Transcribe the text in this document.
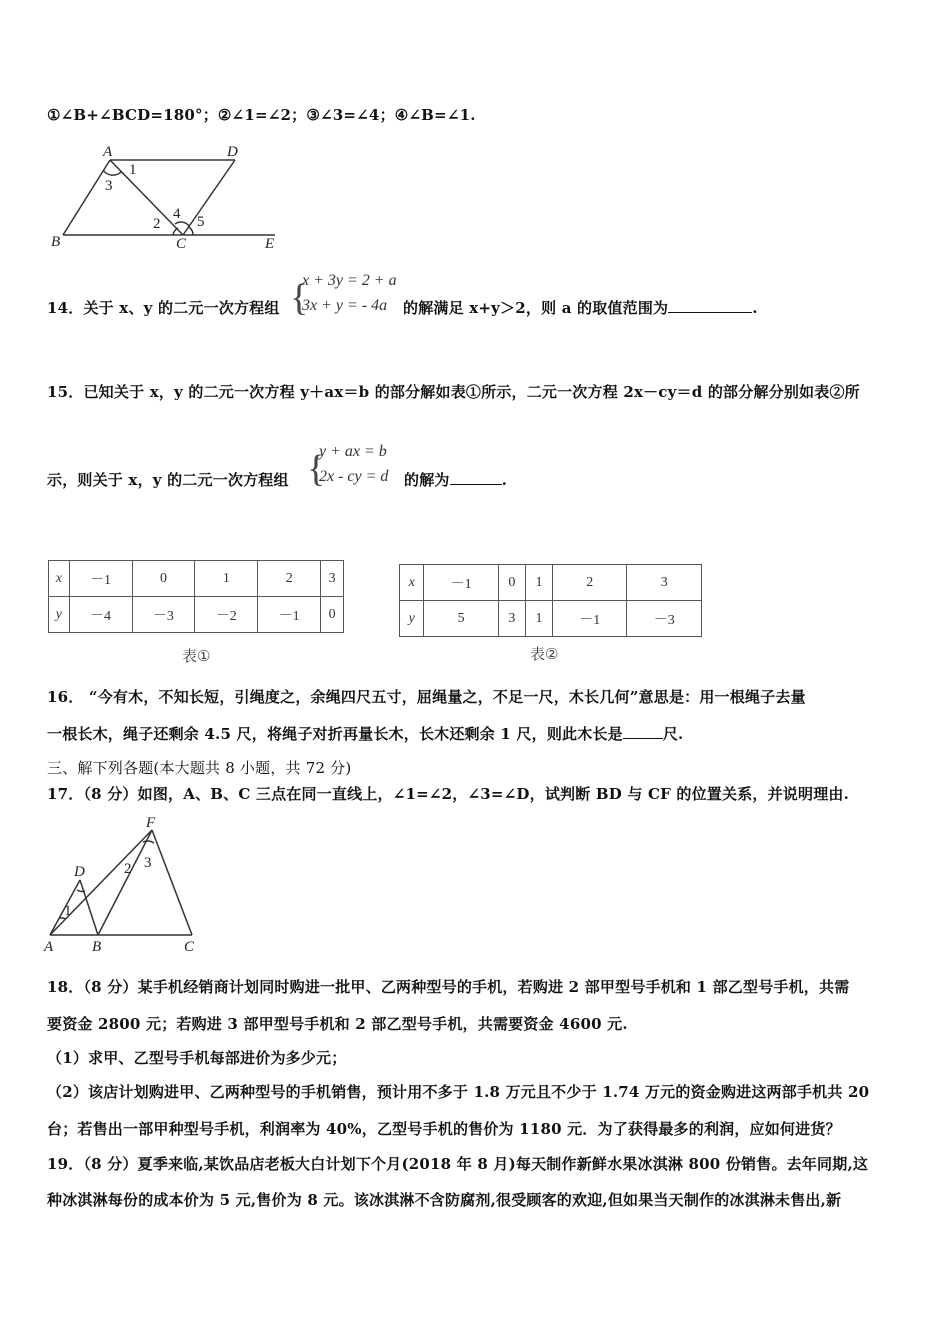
①∠B+∠BCD=180°；②∠1=∠2；③∠3=∠4；④∠B=∠1.
A	D
B	C	E
1
3
2
4 5
14．关于 x、y 的二元一次方程组 {
x + 3y = 2 + a
3x + y = - 4a 的解满足 x+y＞2，则 a 的取值范围为	.
15．已知关于 x，y 的二元一次方程 y＋ax＝b 的部分解如表①所示，二元一次方程 2x－cy＝d 的部分解分别如表②所
示，则关于 x，y 的二元一次方程组 {
y + ax = b
2x - cy = d 的解为	.
x	－1	0	1	2	3
y	－4	－3	－2	－1	0
表①
x	－1	0	1	2	3
y	5	3	1	－1	－3
表②
16． “今有木，不知长短，引绳度之，余绳四尺五寸，屈绳量之，不足一尺，木长几何”意思是：用一根绳子去量
一根长木，绳子还剩余 4.5 尺，将绳子对折再量长木，长木还剩余 1 尺，则此木长是	尺.
三、解下列各题(本大题共 8 小题，共 72 分)
17．（8 分）如图，A、B、C 三点在同一直线上，∠1=∠2，∠3=∠D，试判断 BD 与 CF 的位置关系，并说明理由.
F
D
A	B	C
1
2 3
18．（8 分）某手机经销商计划同时购进一批甲、乙两种型号的手机，若购进 2 部甲型号手机和 1 部乙型号手机，共需
要资金 2800 元；若购进 3 部甲型号手机和 2 部乙型号手机，共需要资金 4600 元.
（1）求甲、乙型号手机每部进价为多少元；
（2）该店计划购进甲、乙两种型号的手机销售，预计用不多于 1.8 万元且不少于 1.74 万元的资金购进这两部手机共 20
台；若售出一部甲种型号手机，利润率为 40%，乙型号手机的售价为 1180 元．为了获得最多的利润，应如何进货？
19．（8 分）夏季来临,某饮品店老板大白计划下个月(2018 年 8 月)每天制作新鲜水果冰淇淋 800 份销售。去年同期,这
种冰淇淋每份的成本价为 5 元,售价为 8 元。该冰淇淋不含防腐剂,很受顾客的欢迎,但如果当天制作的冰淇淋未售出,新
